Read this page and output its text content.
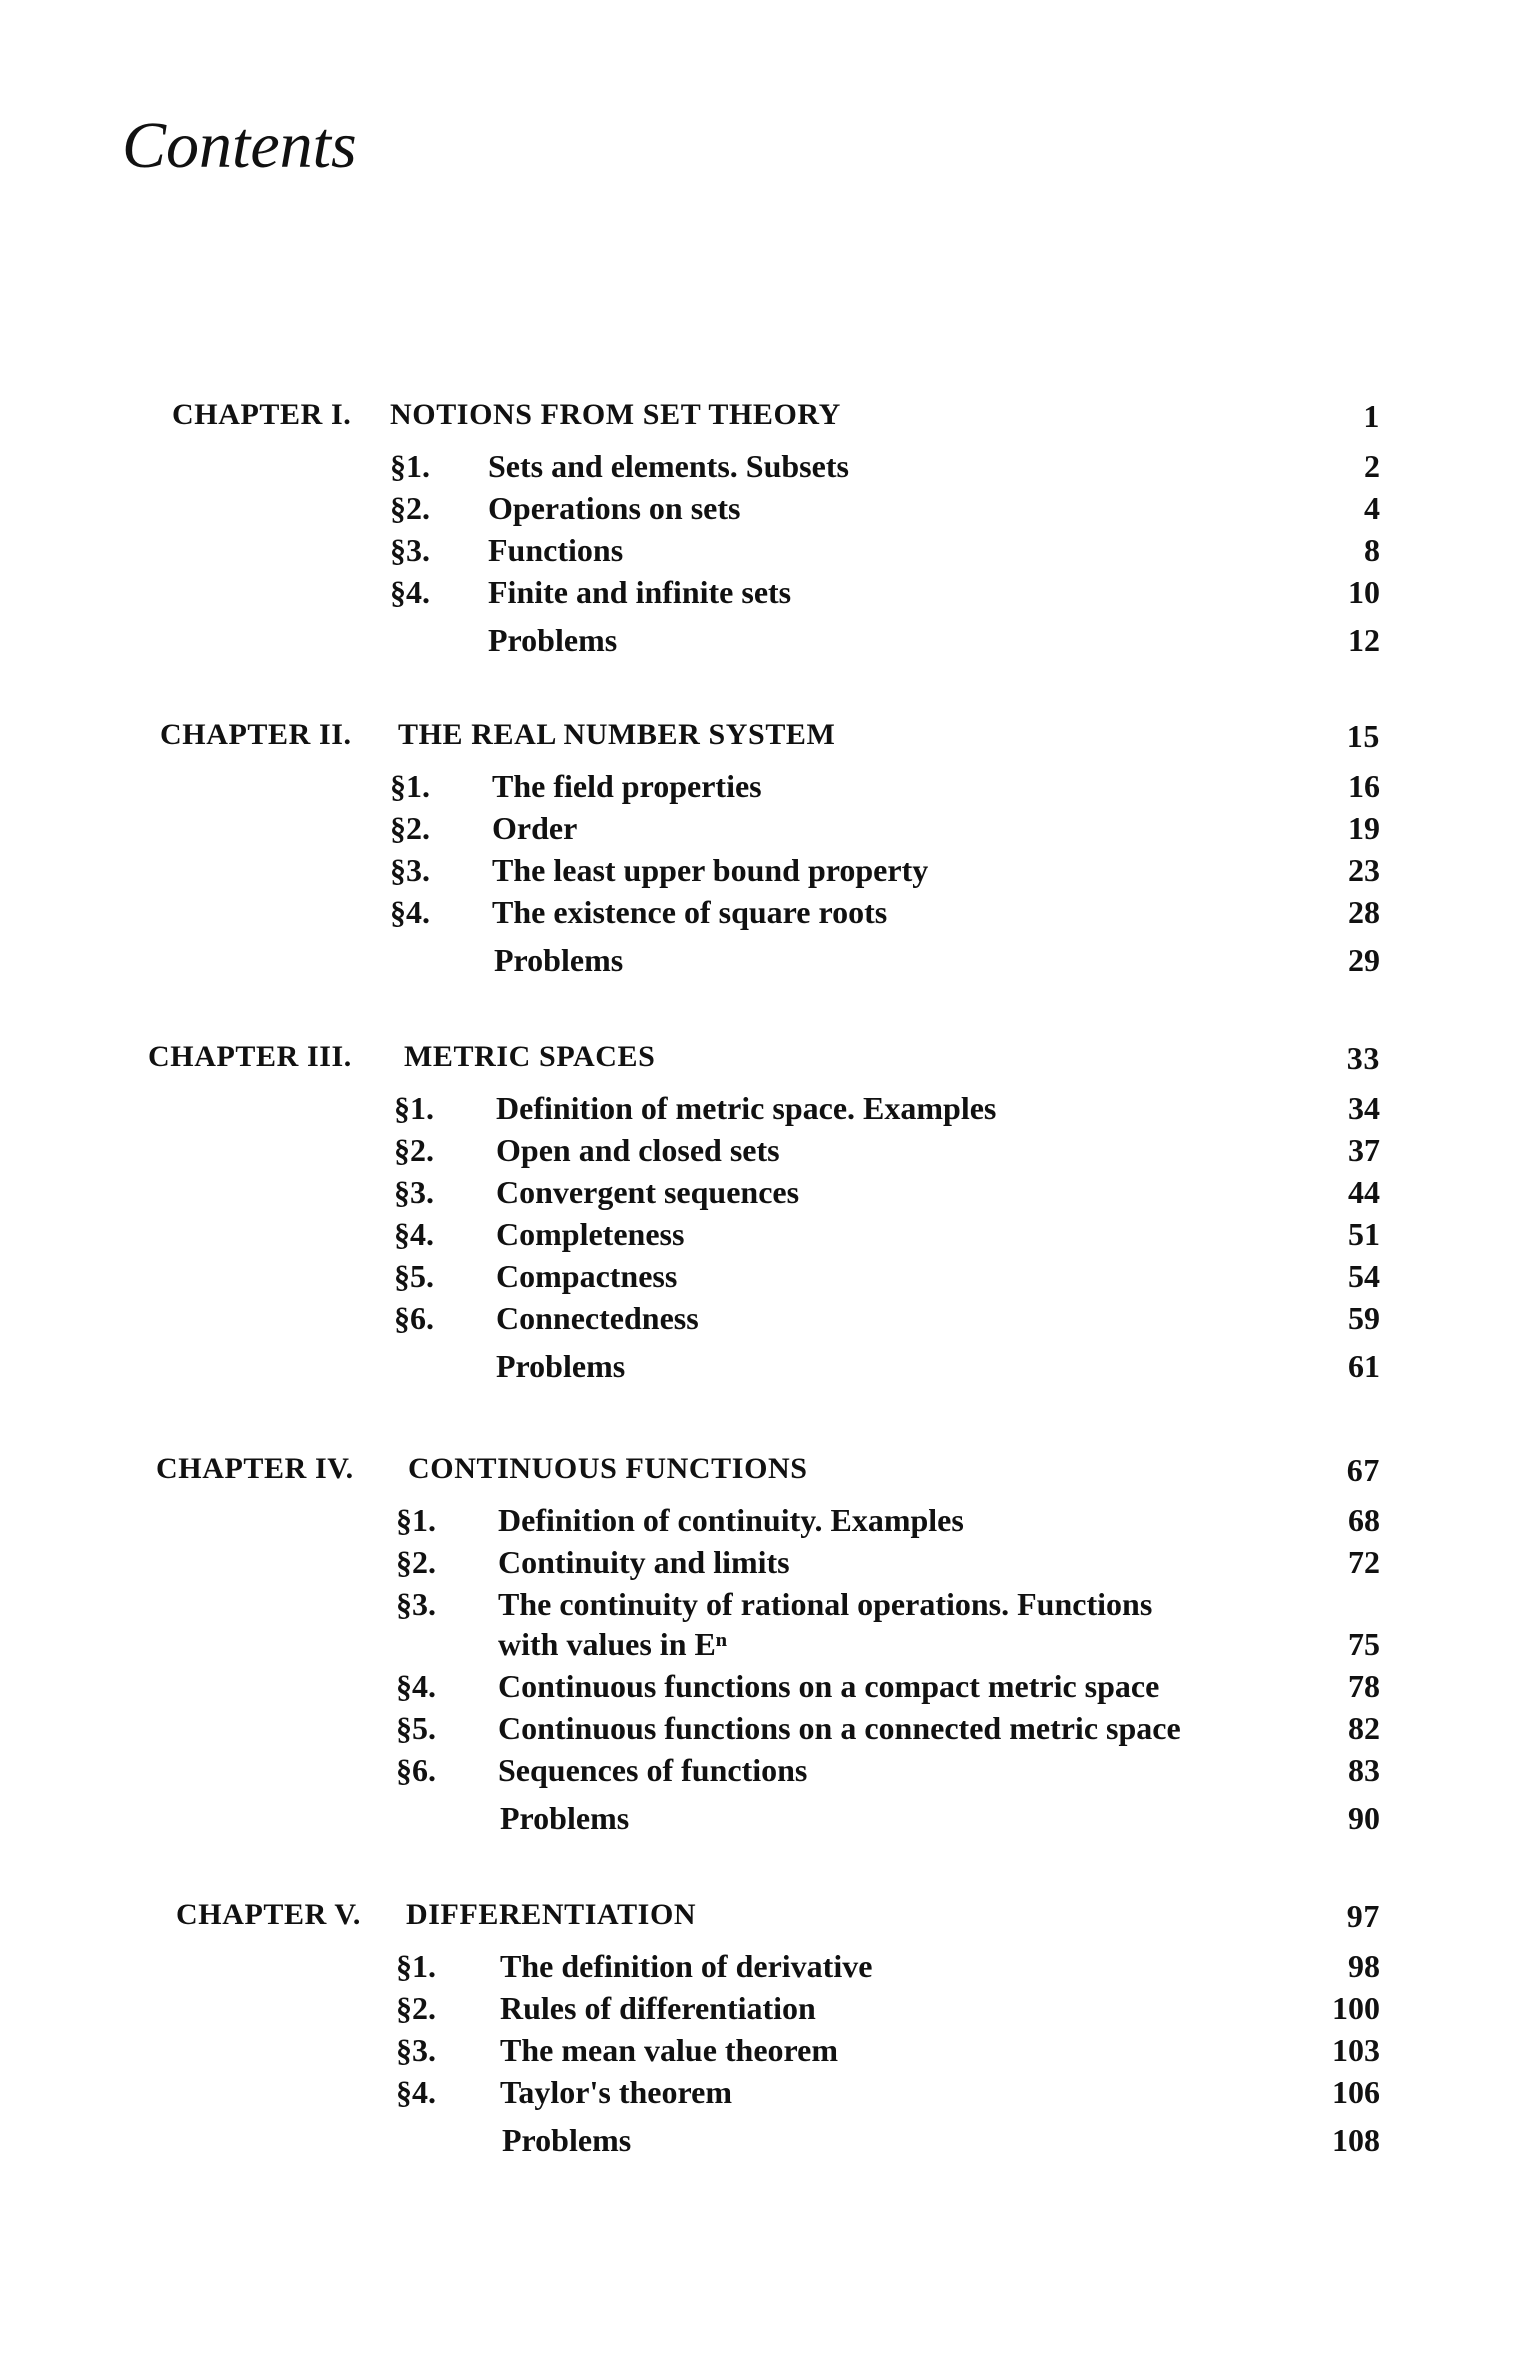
Contents
CHAPTER I. NOTIONS FROM SET THEORY	1
§1. Sets and elements. Subsets	2
§2. Operations on sets	4
§3. Functions	8
§4. Finite and infinite sets	10
Problems	12
CHAPTER II. THE REAL NUMBER SYSTEM	15
§1. The field properties	16
§2. Order	19
§3. The least upper bound property	23
§4. The existence of square roots	28
Problems	29
CHAPTER III. METRIC SPACES	33
§1. Definition of metric space. Examples	34
§2. Open and closed sets	37
§3. Convergent sequences	44
§4. Completeness	51
§5. Compactness	54
§6. Connectedness	59
Problems	61
CHAPTER IV. CONTINUOUS FUNCTIONS	67
§1. Definition of continuity. Examples	68
§2. Continuity and limits	72
§3. The continuity of rational operations. Functions
with values in Eⁿ	75
§4. Continuous functions on a compact metric space	78
§5. Continuous functions on a connected metric space	82
§6. Sequences of functions	83
Problems	90
CHAPTER V. DIFFERENTIATION	97
§1. The definition of derivative	98
§2. Rules of differentiation	100
§3. The mean value theorem	103
§4. Taylor's theorem	106
Problems	108
